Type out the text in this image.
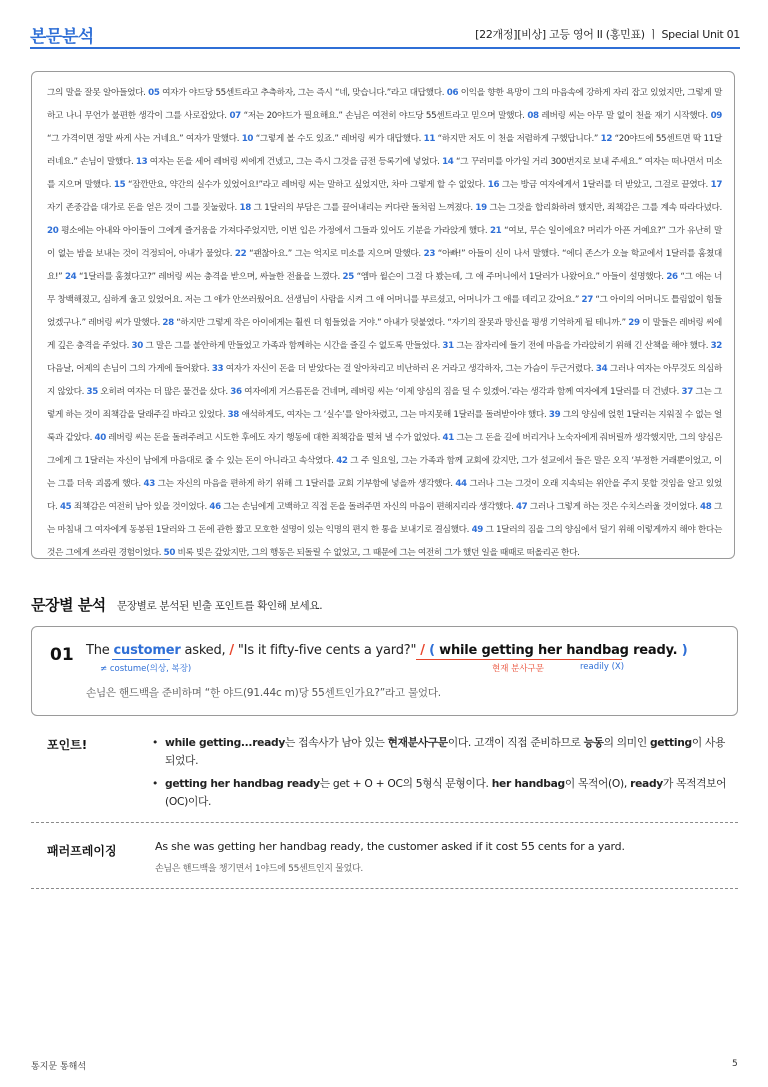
본문분석	[22개정][비상] 고등 영어 II (홍민표) ㅣ Special Unit 01
그의 말을 잘못 알아들었다. 05 여자가 야드당 55센트라고 추측하자, 그는 즉시 “네, 맞습니다.”라고 대답했다. 06 이익을 향한 욕망이 그의 마음속에 강하게 자리 잡고 있었지만, 그렇게 말하고 나니 무언가 불편한 생각이 그를 사로잡았다. 07 “저는 20야드가 필요해요.” 손님은 여전히 야드당 55센트라고 믿으며 말했다. 08 레버링 씨는 아무 말 없이 천을 재기 시작했다. 09 “그 가격이면 정말 싸게 사는 거네요.” 여자가 말했다. 10 “그렇게 볼 수도 있죠.” 레버링 씨가 대답했다. 11 “하지만 저도 이 천을 저렴하게 구했답니다.” 12 “20야드에 55센트면 딱 11달러네요.” 손님이 말했다. 13 여자는 돈을 세어 레버링 씨에게 건넸고, 그는 즉시 그것을 금전 등록기에 넣었다. 14 “그 꾸러미를 아가일 거리 300번지로 보내 주세요.” 여자는 떠나면서 미소를 지으며 말했다. 15 “잠깐만요, 약간의 실수가 있었어요!”라고 레버링 씨는 말하고 싶었지만, 차마 그렇게 할 수 없었다. 16 그는 방금 여자에게서 1달러를 더 받았고, 그걸로 끝였다. 17 자기 존중감을 대가로 돈을 얻은 것이 그를 짓눌렀다. 18 그 1달러의 부담은 그를 끌어내리는 커다란 돌처럼 느껴졌다. 19 그는 그것을 합리화하려 했지만, 죄책감은 그를 계속 따라다녔다. 20 평소에는 아내와 아이들이 그에게 즐거움을 가져다주었지만, 이번 입은 가정에서 그들과 있어도 기분을 가라앉게 했다. 21 “여보, 무슨 일이에요? 머리가 아픈 거예요?” 그가 유난히 말이 없는 밤을 보내는 것이 걱정되어, 아내가 물었다. 22 “괜찮아요.” 그는 억지로 미소를 지으며 말했다. 23 “아빠!” 아들이 신이 나서 말했다. “에디 존스가 오늘 학교에서 1달러를 훔쳤대요!” 24 “1달러를 훔쳤다고?” 레버링 씨는 충격을 받으며, 싸늘한 전율을 느꼈다. 25 “엠마 윌슨이 그걸 다 봤는데, 그 애 주머니에서 1달러가 나왔어요.” 아들이 설명했다. 26 “그 애는 너무 창백해졌고, 심하게 울고 있었어요. 저는 그 애가 안쓰러웠어요. 선생님이 사람을 시켜 그 애 어머니를 부르셨고, 어머니가 그 애를 데리고 갔어요.” 27 “그 아이의 어머니도 틀림없이 힘들었겠구나.” 레버링 씨가 말했다. 28 “하지만 그렇게 작은 아이에게는 훨씬 더 힘들었을 거야.” 아내가 덧붙였다. “자기의 잘못과 망신을 평생 기억하게 될 테니까.” 29 이 말들은 레버링 씨에게 깊은 충격을 주었다. 30 그 말은 그를 불안하게 만들었고 가족과 함께하는 시간을 즐길 수 없도록 만들었다. 31 그는 잠자리에 들기 전에 마음을 가라앉히기 위해 긴 산책을 해야 했다. 32 다음날, 어제의 손님이 그의 가게에 들어왔다. 33 여자가 자신이 돈을 더 받았다는 걸 알아차리고 비난하러 온 거라고 생각하자, 그는 가슴이 두근거렸다. 34 그러나 여자는 아무것도 의심하지 않았다. 35 오히려 여자는 더 많은 물건을 샀다. 36 여자에게 거스름돈을 건네며, 레버링 씨는 ‘이제 양심의 짐을 덜 수 있겠어.’라는 생각과 함께 여자에게 1달러를 더 건넸다. 37 그는 그렇게 하는 것이 죄책감을 달래주길 바라고 있었다. 38 애석하게도, 여자는 그 ‘실수’를 알아차렸고, 그는 마지못해 1달러를 돌려받아야 했다. 39 그의 양심에 얹힌 1달러는 지워질 수 없는 얼룩과 같았다. 40 레버링 씨는 돈을 돌려주려고 시도한 후에도 자기 행동에 대한 죄책감을 떨쳐 낼 수가 없었다. 41 그는 그 돈을 길에 버리거나 노숙자에게 줘버릴까 생각했지만, 그의 양심은 그에게 그 1달러는 자신이 남에게 마음대로 줄 수 있는 돈이 아니라고 속삭였다. 42 그 주 일요일, 그는 가족과 함께 교회에 갔지만, 그가 설교에서 들은 말은 오직 ‘부정한 거래뿐이었고, 이는 그를 더욱 괴롭게 했다. 43 그는 자신의 마음을 편하게 하기 위해 그 1달러를 교회 기부함에 넣을까 생각했다. 44 그러나 그는 그것이 오래 지속되는 위안을 주지 못할 것임을 알고 있었다. 45 죄책감은 여전히 남아 있을 것이었다. 46 그는 손님에게 고백하고 직접 돈을 돌려주면 자신의 마음이 편해지리라 생각했다. 47 그러나 그렇게 하는 것은 수치스러울 것이었다. 48 그는 마침내 그 여자에게 동봉된 1달러와 그 돈에 관한 짧고 모호한 설명이 있는 익명의 편지 한 통을 보내기로 결심했다. 49 그 1달러의 짐을 그의 양심에서 덜기 위해 이렇게까지 해야 한다는 것은 그에게 쓰라린 경험이었다. 50 비록 빚은 갚았지만, 그의 행동은 되돌릴 수 없었고, 그 때문에 그는 여전히 그가 했던 일을 때때로 떠올리곤 한다.
문장별 분석 문장별로 분석된 빈출 포인트를 확인해 보세요.
01 The customer asked, / "Is it fifty-five cents a yard?" / ( while getting her handbag ready. )
≠ costume(의상, 복장)	현재 분사구문	readily (X)
손님은 핸드백을 준비하며 “한 야드(91.44c m)당 55센트인가요?”라고 물었다.
포인트!
•	while getting...ready는 접속사가 남아 있는 현재분사구문이다. 고객이 직접 준비하므로 능동의 의미인 getting이 사용되었다.
• getting her handbag ready는 get + O + OC의 5형식 문형이다. her handbag이 목적어(O), ready가 목적격보어(OC)이다.
패러프레이징	As she was getting her handbag ready, the customer asked if it cost 55 cents for a yard.
손님은 핸드백을 챙기면서 1야드에 55센트인지 물었다.
통지문 통해석	5
